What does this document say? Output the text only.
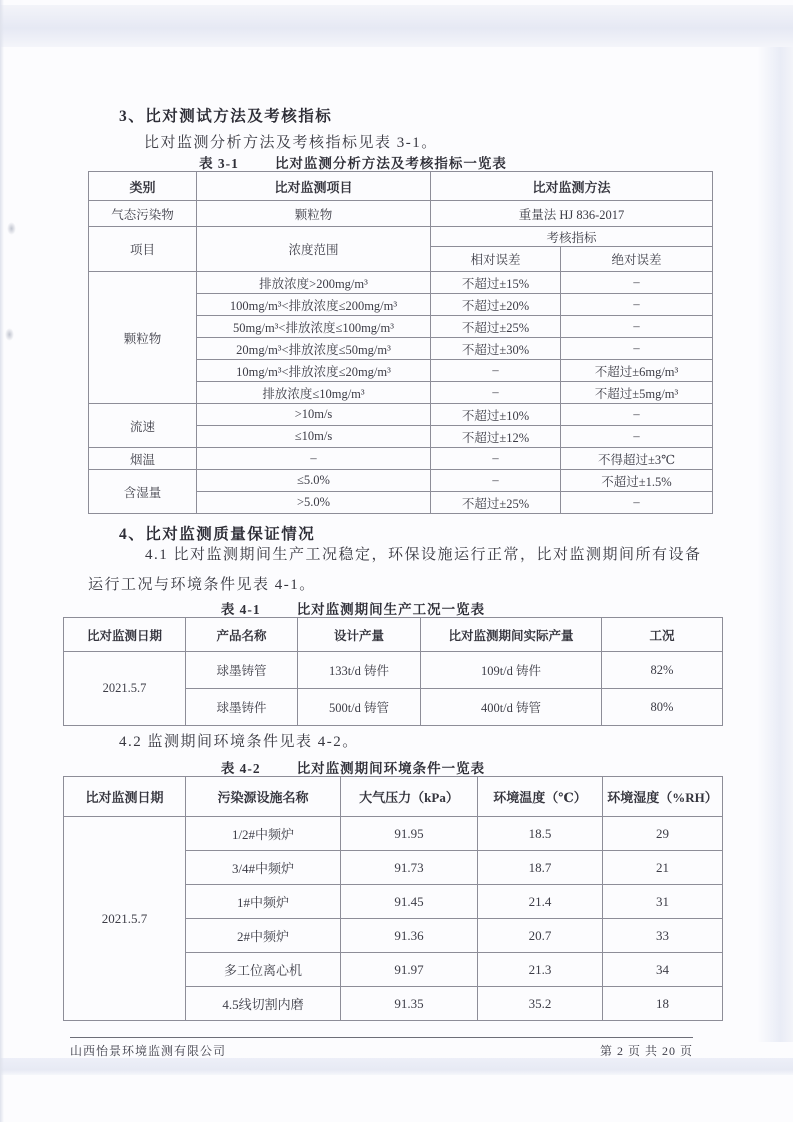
3、比对测试方法及考核指标
比对监测分析方法及考核指标见表 3-1。
表 3-1	比对监测分析方法及考核指标一览表
类别	比对监测项目	比对监测方法	
气态污染物	颗粒物	重量法 HJ 836-2017	
项目	浓度范围	考核指标	
		相对误差	绝对误差
颗粒物	排放浓度>200mg/m³	不超过±15%	–
	100mg/m³<排放浓度≤200mg/m³	不超过±20%	–
	50mg/m³<排放浓度≤100mg/m³	不超过±25%	–
	20mg/m³<排放浓度≤50mg/m³	不超过±30%	–
	10mg/m³<排放浓度≤20mg/m³	–	不超过±6mg/m³
	排放浓度≤10mg/m³	–	不超过±5mg/m³
流速	>10m/s	不超过±10%	–
	≤10m/s	不超过±12%	–
烟温	–	–	不得超过±3℃
含湿量	≤5.0%	–	不超过±1.5%
	>5.0%	不超过±25%	–
4、比对监测质量保证情况
4.1 比对监测期间生产工况稳定，环保设施运行正常，比对监测期间所有设备
运行工况与环境条件见表 4-1。
表 4-1	比对监测期间生产工况一览表
比对监测日期	产品名称	设计产量	比对监测期间实际产量	工况
2021.5.7	球墨铸管	133t/d 铸件	109t/d 铸件	82%
	球墨铸件	500t/d 铸管	400t/d 铸管	80%
4.2 监测期间环境条件见表 4-2。
表 4-2	比对监测期间环境条件一览表
比对监测日期	污染源设施名称	大气压力（kPa）	环境温度（℃）	环境湿度（%RH）
2021.5.7	1/2#中频炉	91.95	18.5	29
	3/4#中频炉	91.73	18.7	21
	1#中频炉	91.45	21.4	31
	2#中频炉	91.36	20.7	33
	多工位离心机	91.97	21.3	34
	4.5线切割内磨	91.35	35.2	18
山西怡景环境监测有限公司	第 2 页 共 20 页
